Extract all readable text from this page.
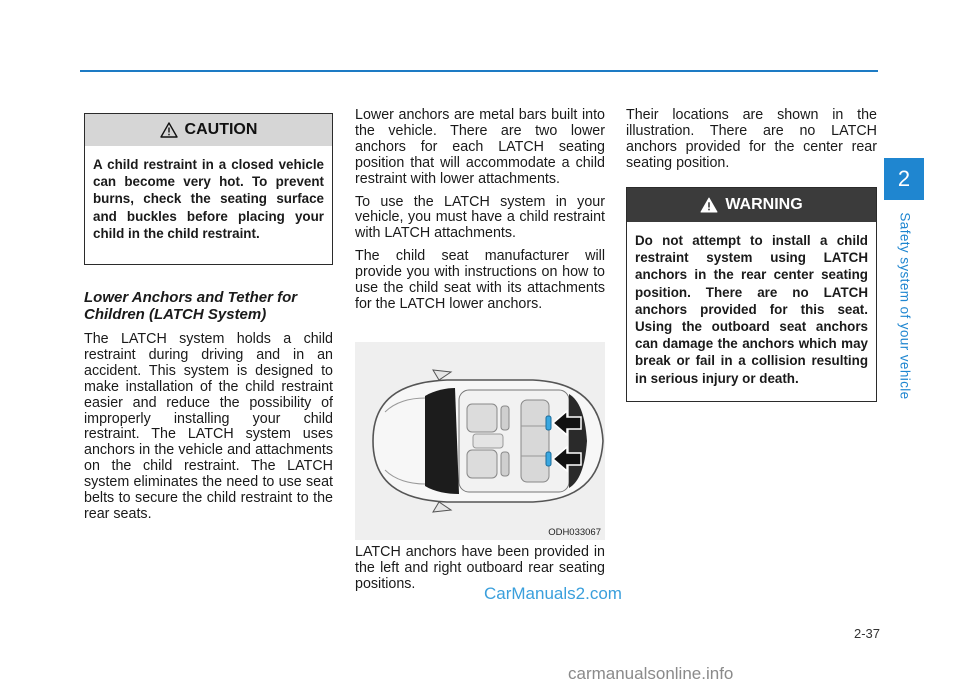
2
Safety system of your vehicle
CAUTION
A child restraint in a closed vehicle can become very hot. To prevent burns, check the seating surface and buckles before placing your child in the child restraint.
Lower Anchors and Tether for Children (LATCH System)

The LATCH system holds a child restraint during driving and in an accident. This system is designed to make installation of the child restraint easier and reduce the possibility of improperly installing your child restraint. The LATCH system uses anchors in the vehicle and attachments on the child restraint. The LATCH system eliminates the need to use seat belts to secure the child restraint to the rear seats.

Lower anchors are metal bars built into the vehicle. There are two lower anchors for each LATCH seating position that will accommodate a child restraint with lower attachments.

To use the LATCH system in your vehicle, you must have a child restraint with LATCH attachments.

The child seat manufacturer will provide you with instructions on how to use the child seat with its attachments for the LATCH lower anchors.

ODH033067
LATCH anchors have been provided in the left and right outboard rear seating positions.

Their locations are shown in the illustration. There are no LATCH anchors provided for the center rear seating position.

WARNING
Do not attempt to install a child restraint system using LATCH anchors in the rear center seating position. There are no LATCH anchors provided for this seat. Using the outboard seat anchors can damage the anchors which may break or fail in a collision resulting in serious injury or death.
2-37
CarManuals2.com
carmanualsonline.info
